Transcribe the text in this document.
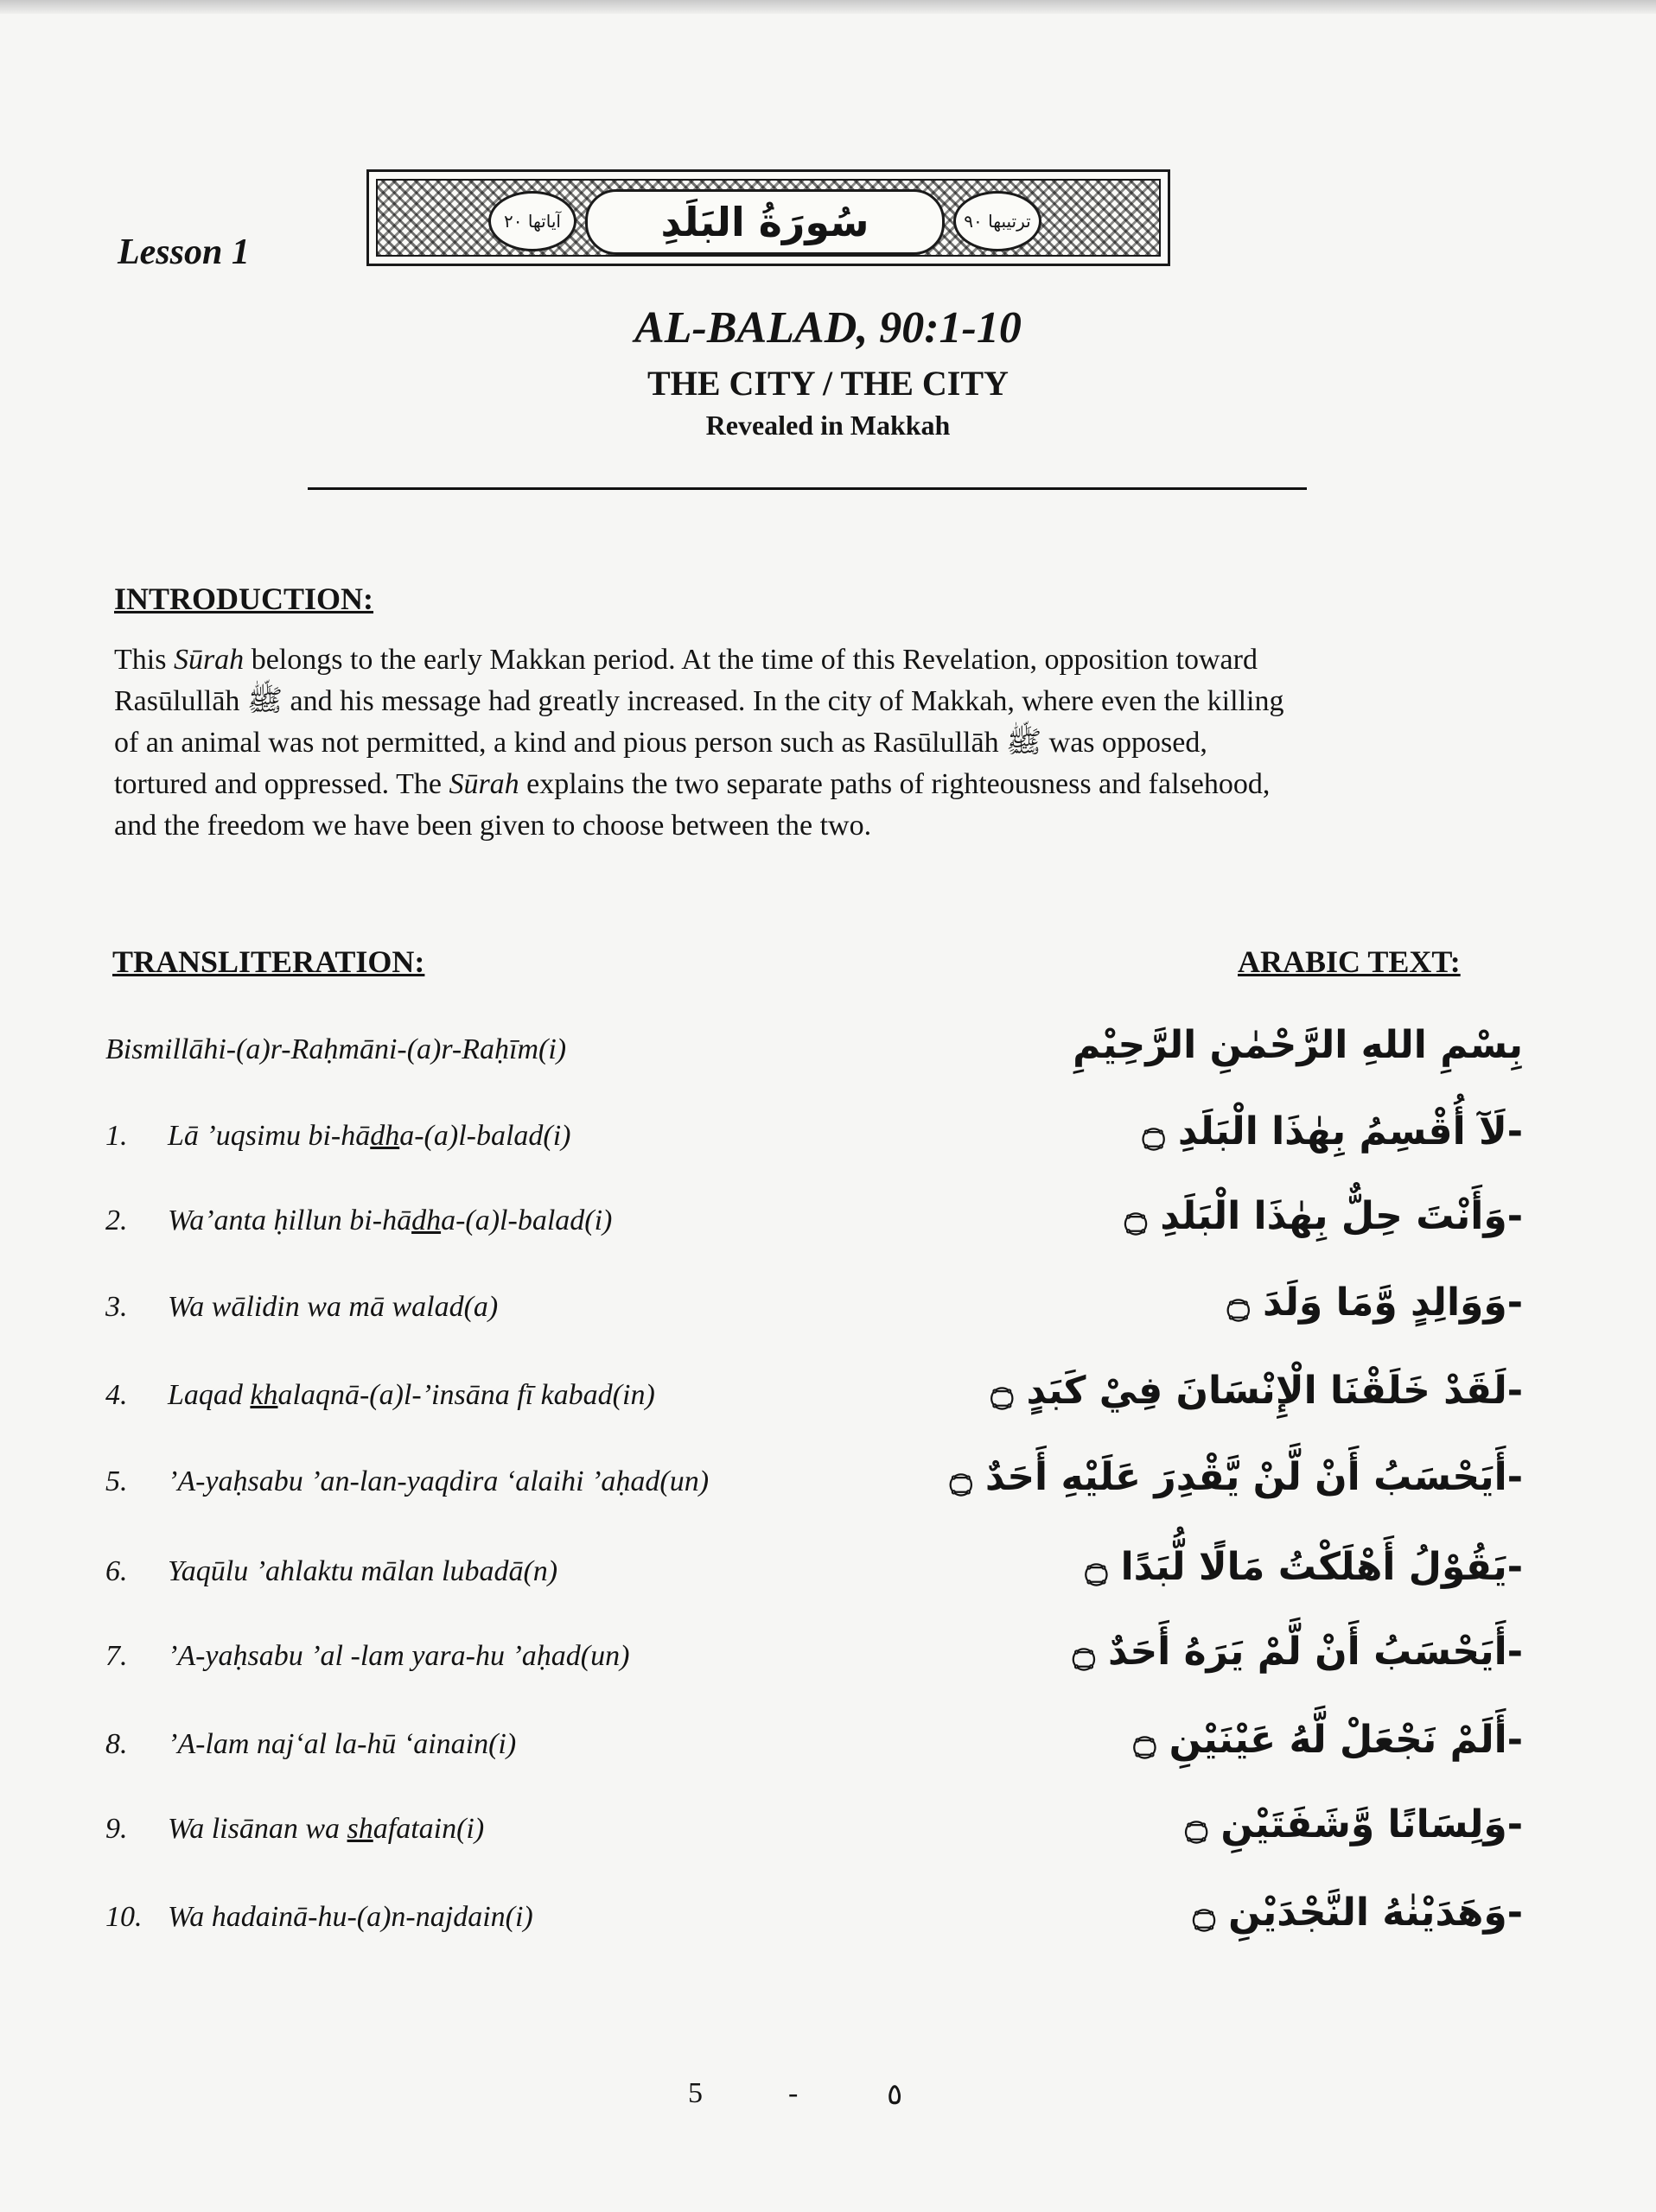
Lesson 1
آياتها ٢٠	سُورَةُ البَلَدِ	ترتيبها ٩٠
AL-BALAD, 90:1-10
THE CITY / THE CITY
Revealed in Makkah
INTRODUCTION:
This Sūrah belongs to the early Makkan period. At the time of this Revelation, opposition toward
Rasūlullāh ﷺ and his message had greatly increased. In the city of Makkah, where even the killing
of an animal was not permitted, a kind and pious person such as Rasūlullāh ﷺ was opposed,
tortured and oppressed. The Sūrah explains the two separate paths of righteousness and falsehood,
and the freedom we have been given to choose between the two.
TRANSLITERATION:	ARABIC TEXT:
Bismillāhi-(a)r-Raḥmāni-(a)r-Raḥīm(i)	بِسْمِ اللهِ الرَّحْمٰنِ الرَّحِيْمِ
1.	Lā ’uqsimu bi-hādha-(a)l-balad(i)	-لَآ أُقْسِمُ بِهٰذَا الْبَلَدِ ۝
2.	Wa’anta ḥillun bi-hādha-(a)l-balad(i)	-وَأَنْتَ حِلٌّ بِهٰذَا الْبَلَدِ ۝
3.	Wa wālidin wa mā walad(a)	-وَوَالِدٍ وَّمَا وَلَدَ ۝
4.	Laqad khalaqnā-(a)l-’insāna fī kabad(in)	-لَقَدْ خَلَقْنَا الْإِنْسَانَ فِيْ كَبَدٍ ۝
5.	’A-yaḥsabu ’an-lan-yaqdira ‘alaihi ’aḥad(un)	-أَيَحْسَبُ أَنْ لَّنْ يَّقْدِرَ عَلَيْهِ أَحَدٌ ۝
6.	Yaqūlu ’ahlaktu mālan lubadā(n)	-يَقُوْلُ أَهْلَكْتُ مَالًا لُّبَدًا ۝
7.	’A-yaḥsabu ’al -lam yara-hu ’aḥad(un)	-أَيَحْسَبُ أَنْ لَّمْ يَرَهُ أَحَدٌ ۝
8.	’A-lam naj‘al la-hū ‘ainain(i)	-أَلَمْ نَجْعَلْ لَّهُ عَيْنَيْنِ ۝
9.	Wa lisānan wa shafatain(i)	-وَلِسَانًا وَّشَفَتَيْنِ ۝
10. Wa hadainā-hu-(a)n-najdain(i)	-وَهَدَيْنٰهُ النَّجْدَيْنِ ۝
5	-	٥
